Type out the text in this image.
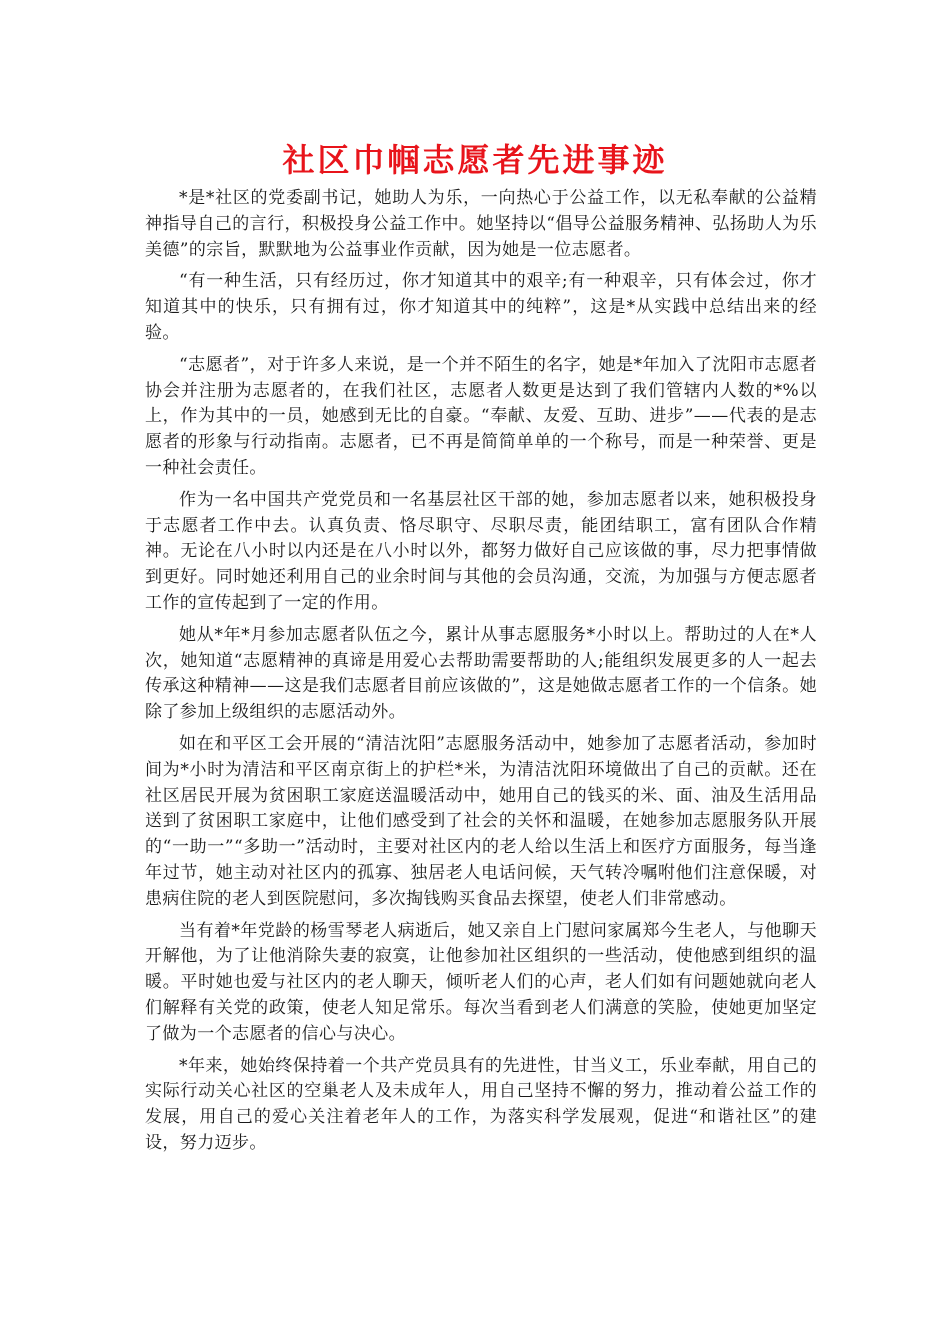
社区巾帼志愿者先进事迹

*是*社区的党委副书记，她助人为乐，一向热心于公益工作，以无私奉献的公益精神指导自己的言行，积极投身公益工作中。她坚持以“倡导公益服务精神、弘扬助人为乐美德”的宗旨，默默地为公益事业作贡献，因为她是一位志愿者。

“有一种生活，只有经历过，你才知道其中的艰辛;有一种艰辛，只有体会过，你才知道其中的快乐，只有拥有过，你才知道其中的纯粹”，这是*从实践中总结出来的经验。

“志愿者”，对于许多人来说，是一个并不陌生的名字，她是*年加入了沈阳市志愿者协会并注册为志愿者的，在我们社区，志愿者人数更是达到了我们管辖内人数的*%以上，作为其中的一员，她感到无比的自豪。“奉献、友爱、互助、进步”——代表的是志愿者的形象与行动指南。志愿者，已不再是简简单单的一个称号，而是一种荣誉、更是一种社会责任。

作为一名中国共产党党员和一名基层社区干部的她，参加志愿者以来，她积极投身于志愿者工作中去。认真负责、恪尽职守、尽职尽责，能团结职工，富有团队合作精神。无论在八小时以内还是在八小时以外，都努力做好自己应该做的事，尽力把事情做到更好。同时她还利用自己的业余时间与其他的会员沟通，交流，为加强与方便志愿者工作的宣传起到了一定的作用。

她从*年*月参加志愿者队伍之今，累计从事志愿服务*小时以上。帮助过的人在*人次，她知道“志愿精神的真谛是用爱心去帮助需要帮助的人;能组织发展更多的人一起去传承这种精神——这是我们志愿者目前应该做的”，这是她做志愿者工作的一个信条。她除了参加上级组织的志愿活动外。

如在和平区工会开展的“清洁沈阳”志愿服务活动中，她参加了志愿者活动，参加时间为*小时为清洁和平区南京街上的护栏*米，为清洁沈阳环境做出了自己的贡献。还在社区居民开展为贫困职工家庭送温暖活动中，她用自己的钱买的米、面、油及生活用品送到了贫困职工家庭中，让他们感受到了社会的关怀和温暖，在她参加志愿服务队开展的“一助一”“多助一”活动时，主要对社区内的老人给以生活上和医疗方面服务，每当逢年过节，她主动对社区内的孤寡、独居老人电话问候，天气转冷嘱咐他们注意保暖，对患病住院的老人到医院慰问，多次掏钱购买食品去探望，使老人们非常感动。

当有着*年党龄的杨雪琴老人病逝后，她又亲自上门慰问家属郑今生老人，与他聊天开解他，为了让他消除失妻的寂寞，让他参加社区组织的一些活动，使他感到组织的温暖。平时她也爱与社区内的老人聊天，倾听老人们的心声，老人们如有问题她就向老人们解释有关党的政策，使老人知足常乐。每次当看到老人们满意的笑脸，使她更加坚定了做为一个志愿者的信心与决心。

*年来，她始终保持着一个共产党员具有的先进性，甘当义工，乐业奉献，用自己的实际行动关心社区的空巢老人及未成年人，用自己坚持不懈的努力，推动着公益工作的发展，用自己的爱心关注着老年人的工作，为落实科学发展观，促进“和谐社区”的建设，努力迈步。
